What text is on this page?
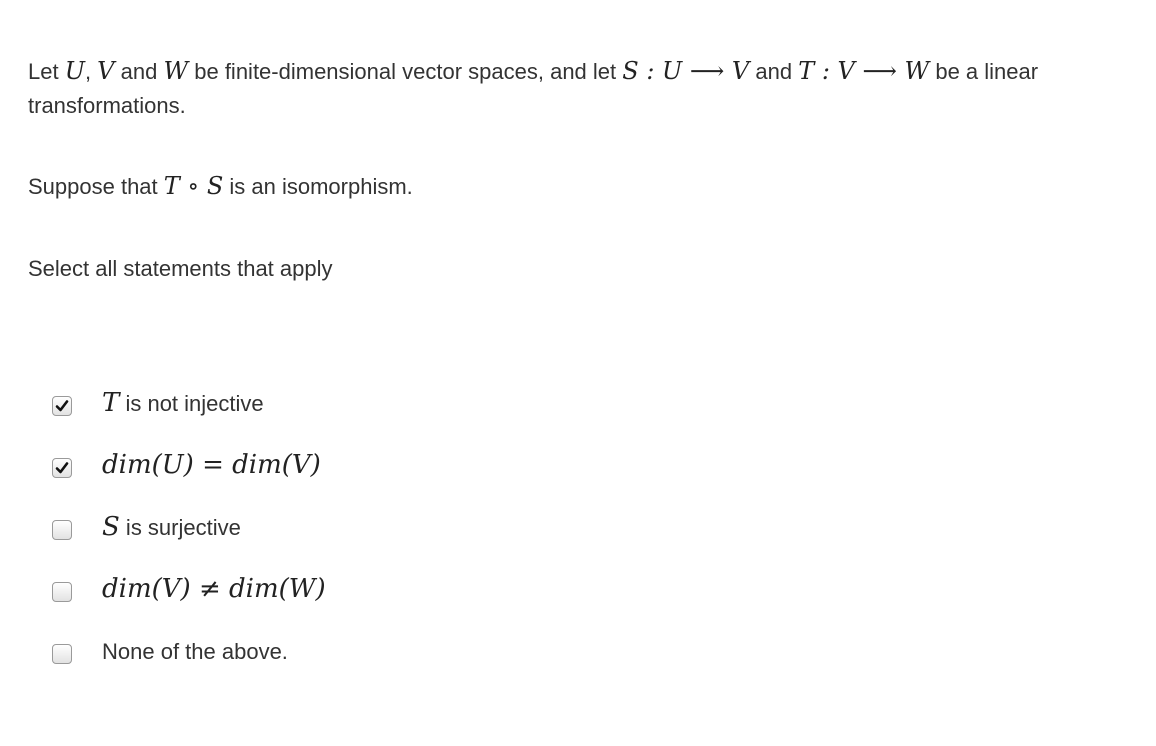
Let U, V and W be finite-dimensional vector spaces, and let S : U ⟶ V and T : V ⟶ W be a linear transformations.

Suppose that T ∘ S is an isomorphism.

Select all statements that apply

T is not injective
dim(U) = dim(V)
S is surjective
dim(V) ≠ dim(W)
None of the above.
